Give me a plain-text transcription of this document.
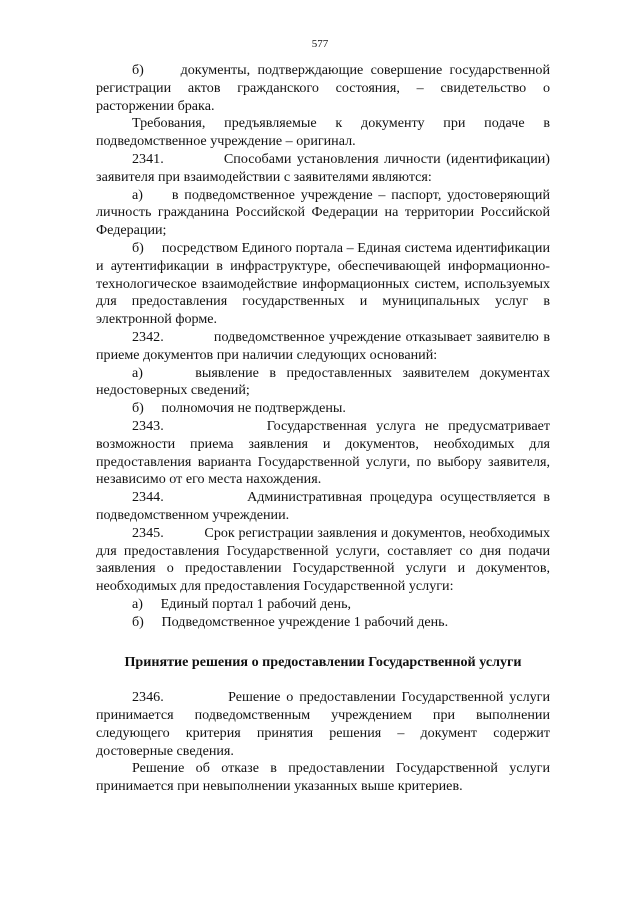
577

б)     документы, подтверждающие совершение государственной регистрации актов гражданского состояния, – свидетельство о расторжении брака.

Требования, предъявляемые к документу при подаче в подведомственное учреждение – оригинал.

2341.           Способами установления личности (идентификации) заявителя при взаимодействии с заявителями являются:

а)     в подведомственное учреждение – паспорт, удостоверяющий личность гражданина Российской Федерации на территории Российской Федерации;

б)     посредством Единого портала – Единая система идентификации и аутентификации в инфраструктуре, обеспечивающей информационно-технологическое взаимодействие информационных систем, используемых для предоставления государственных и муниципальных услуг в электронной форме.

2342.           подведомственное учреждение отказывает заявителю в приеме документов при наличии следующих оснований:

а)     выявление в предоставленных заявителем документах недостоверных сведений;

б)     полномочия не подтверждены.

2343.           Государственная услуга не предусматривает возможности приема заявления и документов, необходимых для предоставления варианта Государственной услуги, по выбору заявителя, независимо от его места нахождения.

2344.           Административная процедура осуществляется в подведомственном учреждении.

2345.           Срок регистрации заявления и документов, необходимых для предоставления Государственной услуги, составляет со дня подачи заявления о предоставлении Государственной услуги и документов, необходимых для предоставления Государственной услуги:

а)     Единый портал 1 рабочий день,

б)     Подведомственное учреждение 1 рабочий день.

Принятие решения о предоставлении Государственной услуги

2346.           Решение о предоставлении Государственной услуги принимается подведомственным учреждением при выполнении следующего критерия принятия решения – документ содержит достоверные сведения.

Решение об отказе в предоставлении Государственной услуги принимается при невыполнении указанных выше критериев.
